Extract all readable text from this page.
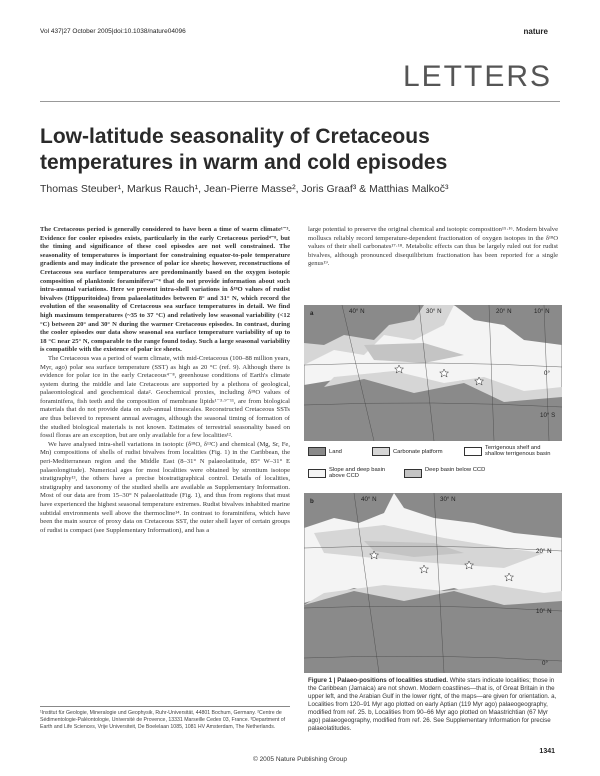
Vol 437|27 October 2005|doi:10.1038/nature04096	nature
LETTERS
Low-latitude seasonality of Cretaceous temperatures in warm and cold episodes
Thomas Steuber¹, Markus Rauch¹, Jean-Pierre Masse², Joris Graaf³ & Matthias Malkoč³

The Cretaceous period is generally considered to have been a time of warm climate¹⁻³. Evidence for cooler episodes exists, particularly in the early Cretaceous period⁴⁻⁸, but the timing and significance of these cool episodes are not well constrained. The seasonality of temperatures is important for constraining equator-to-pole temperature gradients and may indicate the presence of polar ice sheets; however, reconstructions of Cretaceous sea surface temperatures are predominantly based on the oxygen isotopic composition of planktonic foraminifera¹⁻⁴ that do not provide information about such intra-annual variations. Here we present intra-shell variations in δ¹⁸O values of rudist bivalves (Hippuritoidea) from palaeolatitudes between 8° and 31° N, which record the evolution of the seasonality of Cretaceous sea surface temperatures in detail. We find high maximum temperatures (~35 to 37 °C) and relatively low seasonal variability (<12 °C) between 20° and 30° N during the warmer Cretaceous episodes. In contrast, during the cooler episodes our data show seasonal sea surface temperature variability of up to 18 °C near 25° N, comparable to the range found today. Such a large seasonal variability is compatible with the existence of polar ice sheets.

The Cretaceous was a period of warm climate, with mid-Cretaceous (100–88 million years, Myr, ago) polar sea surface temperature (SST) as high as 20 °C (ref. 9). Although there is evidence for polar ice in the early Cretaceous⁴⁻⁸, greenhouse conditions of Earth's climate system during the middle and late Cretaceous are supported by a plethora of geological, palaeontological and geochemical data². Geochemical proxies, including δ¹⁸O values of foraminifera, fish teeth and the composition of membrane lipids¹⁻³·⁹⁻¹¹, are from biological materials that do not provide data on sub-annual timescales. Reconstructed Cretaceous SSTs are thus believed to represent annual averages, although the seasonal timing of formation of the studied biological materials is not known. Estimates of terrestrial seasonality based on fossil floras are an exception, but are only available for a few localities¹².

We have analysed intra-shell variations in isotopic (δ¹⁸O, δ¹³C) and chemical (Mg, Sr, Fe, Mn) compositions of shells of rudist bivalves from localities (Fig. 1) in the Caribbean, the peri-Mediterranean region and the Middle East (8–31° N palaeolatitude, 85° W–31° E palaeolongitude). Numerical ages for most localities were obtained by strontium isotope stratigraphy¹³, the others have a precise biostratigraphical control. Details of localities, stratigraphy and taxonomy of the studied shells are available as Supplementary Information. Most of our data are from 15–30° N palaeolatitude (Fig. 1), and thus from regions that must have experienced the highest seasonal temperature extremes. Rudist bivalves inhabited marine subtidal environments well above the thermocline¹⁴. In contrast to foraminifera, which have been the main source of proxy data on Cretaceous SST, the outer shell layer of certain groups of rudist is compact (see Supplementary Information), and has a

large potential to preserve the original chemical and isotopic composition¹⁵·¹⁶. Modern bivalve molluscs reliably record temperature-dependent fractionation of oxygen isotopes in the δ¹⁸O values of their shell carbonates¹⁷·¹⁸. Metabolic effects can thus be largely ruled out for rudist bivalves, although pronounced disequilibrium fractionation has been reported for a single genus¹⁹.

a	40° N	30° N	20° N	10° N
0°
10° S
Land	Carbonate platform
Terrigenous shelf and shallow terrigenous basin
Slope and deep basin above CCD
Deep basin below CCD
b	40° N	30° N
20° N
10° N
0°
Figure 1 | Palaeo-positions of localities studied. White stars indicate localities; those in the Caribbean (Jamaica) are not shown. Modern coastlines—that is, of Great Britain in the upper left, and the Arabian Gulf in the lower right, of the maps—are given for orientation. a, Localities from 120–91 Myr ago plotted on early Aptian (119 Myr ago) palaeogeography, modified from ref. 25. b, Localities from 90–66 Myr ago plotted on Maastrichtian (67 Myr ago) palaeogeography, modified from ref. 26. See Supplementary Information for precise palaeolatitudes.
¹Institut für Geologie, Mineralogie und Geophysik, Ruhr-Universität, 44801 Bochum, Germany. ²Centre de Sédimentologie-Paléontologie, Université de Provence, 13331 Marseille Cedex 03, France. ³Department of Earth and Life Sciences, Vrije Universiteit, De Boelelaan 1085, 1081 HV Amsterdam, The Netherlands.
1341
© 2005 Nature Publishing Group
